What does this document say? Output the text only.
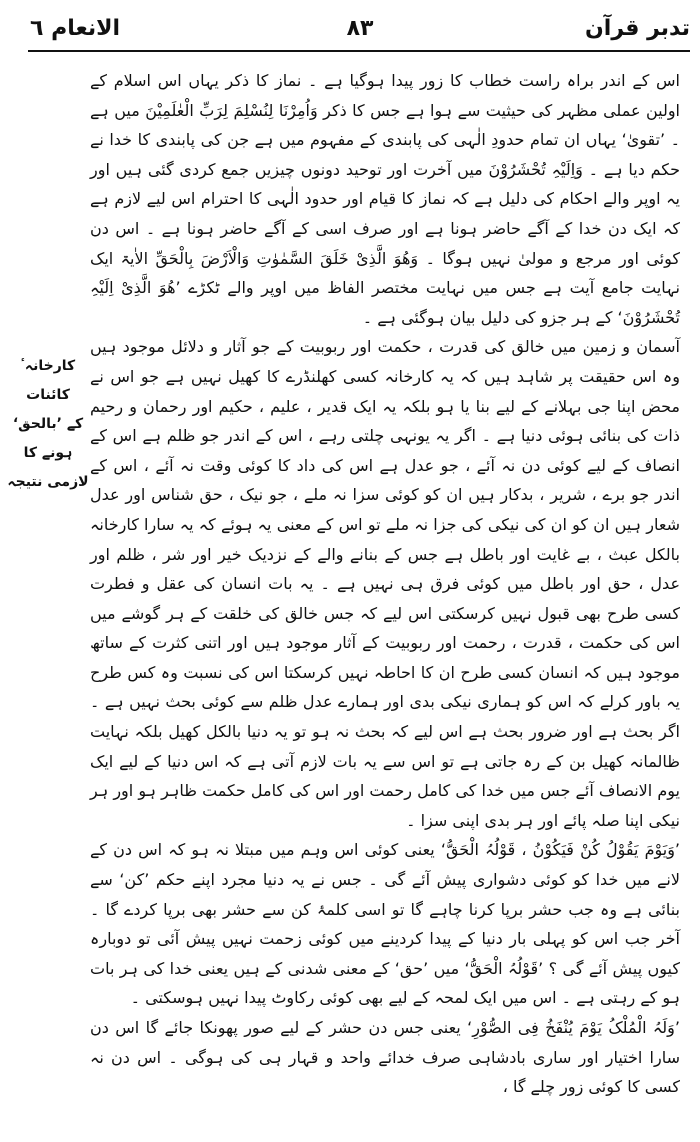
تدبر قرآن
٨٣
الانعام ٦

اس کے اندر براہ راست خطاب کا زور پیدا ہوگیا ہے ۔ نماز کا ذکر یہاں اس اسلام کے اولین عملی مظہر کی حیثیت سے ہوا ہے جس کا ذکر وَاُمِرْنَا لِنُسْلِمَ لِرَبِّ الْعٰلَمِیْنَ میں ہے ۔ ’تقویٰ‘ یہاں ان تمام حدودِ الٰہی کی پابندی کے مفہوم میں ہے جن کی پابندی کا خدا نے حکم دیا ہے ۔ وَاِلَیْہِ تُحْشَرُوْنَ میں آخرت اور توحید دونوں چیزیں جمع کردی گئی ہیں اور یہ اوپر والے احکام کی دلیل ہے کہ نماز کا قیام اور حدود الٰہی کا احترام اس لیے لازم ہے کہ ایک دن خدا کے آگے حاضر ہونا ہے اور صرف اسی کے آگے حاضر ہونا ہے ۔ اس دن کوئی اور مرجع و مولیٰ نہیں ہوگا ۔ وَھُوَ الَّذِیْ خَلَقَ السَّمٰوٰتِ وَالْاَرْضَ بِالْحَقِّ الاٰیۃ ایک نہایت جامع آیت ہے جس میں نہایت مختصر الفاظ میں اوپر والے ٹکڑے ’ھُوَ الَّذِیْ اِلَیْہِ تُحْشَرُوْنَ‘ کے ہر جزو کی دلیل بیان ہوگئی ہے ۔

آسمان و زمین میں خالق کی قدرت ، حکمت اور ربوبیت کے جو آثار و دلائل موجود ہیں وہ اس حقیقت پر شاہد ہیں کہ یہ کارخانہ کسی کھلنڈرے کا کھیل نہیں ہے جو اس نے محض اپنا جی بہلانے کے لیے بنا یا ہو بلکہ یہ ایک قدیر ، علیم ، حکیم اور رحمان و رحیم ذات کی بنائی ہوئی دنیا ہے ۔ اگر یہ یونہی چلتی رہے ، اس کے اندر جو ظلم ہے اس کے انصاف کے لیے کوئی دن نہ آئے ، جو عدل ہے اس کی داد کا کوئی وقت نہ آئے ، اس کے اندر جو برے ، شریر ، بدکار ہیں ان کو کوئی سزا نہ ملے ، جو نیک ، حق شناس اور عدل شعار ہیں ان کو ان کی نیکی کی جزا نہ ملے تو اس کے معنی یہ ہوئے کہ یہ سارا کارخانہ بالکل عبث ، بے غایت اور باطل ہے جس کے بنانے والے کے نزدیک خیر اور شر ، ظلم اور عدل ، حق اور باطل میں کوئی فرق ہی نہیں ہے ۔ یہ بات انسان کی عقل و فطرت کسی طرح بھی قبول نہیں کرسکتی اس لیے کہ جس خالق کی خلقت کے ہر گوشے میں اس کی حکمت ، قدرت ، رحمت اور ربوبیت کے آثار موجود ہیں اور اتنی کثرت کے ساتھ موجود ہیں کہ انسان کسی طرح ان کا احاطہ نہیں کرسکتا اس کی نسبت وہ کس طرح یہ باور کرلے کہ اس کو ہماری نیکی بدی اور ہمارے عدل ظلم سے کوئی بحث نہیں ہے ۔ اگر بحث ہے اور ضرور بحث ہے اس لیے کہ بحث نہ ہو تو یہ دنیا بالکل کھیل بلکہ نہایت ظالمانہ کھیل بن کے رہ جاتی ہے تو اس سے یہ بات لازم آتی ہے کہ اس دنیا کے لیے ایک یوم الانصاف آئے جس میں خدا کی کامل رحمت اور اس کی کامل حکمت ظاہر ہو اور ہر نیکی اپنا صلہ پائے اور ہر بدی اپنی سزا ۔

’وَیَوْمَ یَقُوْلُ کُنْ فَیَکُوْنُ ، قَوْلُہُ الْحَقُّ‘ یعنی کوئی اس وہم میں مبتلا نہ ہو کہ اس دن کے لانے میں خدا کو کوئی دشواری پیش آئے گی ۔ جس نے یہ دنیا مجرد اپنے حکم ’کن‘ سے بنائی ہے وہ جب حشر برپا کرنا چاہے گا تو اسی کلمۂ کن سے حشر بھی برپا کردے گا ۔ آخر جب اس کو پہلی بار دنیا کے پیدا کردینے میں کوئی زحمت نہیں پیش آئی تو دوبارہ کیوں پیش آئے گی ؟ ’قَوْلُہُ الْحَقُّ‘ میں ’حق‘ کے معنی شدنی کے ہیں یعنی خدا کی ہر بات ہو کے رہتی ہے ۔ اس میں ایک لمحہ کے لیے بھی کوئی رکاوٹ پیدا نہیں ہوسکتی ۔

’وَلَہُ الْمُلْکُ یَوْمَ یُنْفَخُ فِی الصُّوْرِ‘ یعنی جس دن حشر کے لیے صور پھونکا جائے گا اس دن سارا اختیار اور ساری بادشاہی صرف خدائے واحد و قہار ہی کی ہوگی ۔ اس دن نہ کسی کا کوئی زور چلے گا ،

کارخانہٴ کائنات
کے ’بالحق‘
ہونے کا
لازمی نتیجہ
